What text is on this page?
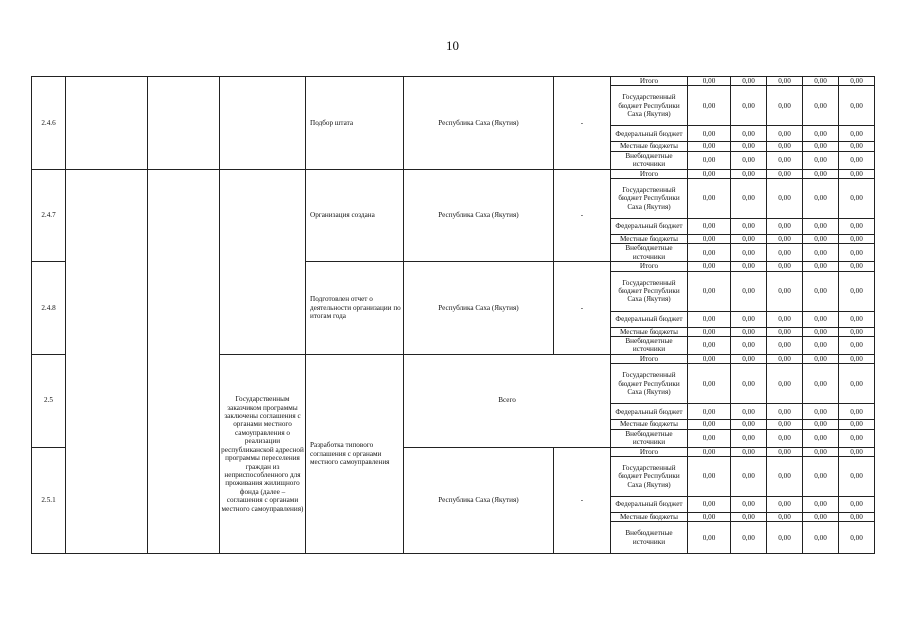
10
2.4.6				Подбор штата	Республика Саха (Якутия)	-	Итого	0,00	0,00	0,00	0,00	0,00
							Государственный бюджет Республики Саха (Якутия)	0,00	0,00	0,00	0,00	0,00
							Федеральный бюджет	0,00	0,00	0,00	0,00	0,00
							Местные бюджеты	0,00	0,00	0,00	0,00	0,00
							Внебюджетные источники	0,00	0,00	0,00	0,00	0,00
2.4.7				Организация создана	Республика Саха (Якутия)	-	Итого	0,00	0,00	0,00	0,00	0,00
							Государственный бюджет Республики Саха (Якутия)	0,00	0,00	0,00	0,00	0,00
							Федеральный бюджет	0,00	0,00	0,00	0,00	0,00
							Местные бюджеты	0,00	0,00	0,00	0,00	0,00
							Внебюджетные источники	0,00	0,00	0,00	0,00	0,00
2.4.8				Подготовлен отчет о деятельности организации по итогам года	Республика Саха (Якутия)	-	Итого	0,00	0,00	0,00	0,00	0,00
							Государственный бюджет Республики Саха (Якутия)	0,00	0,00	0,00	0,00	0,00
							Федеральный бюджет	0,00	0,00	0,00	0,00	0,00
							Местные бюджеты	0,00	0,00	0,00	0,00	0,00
							Внебюджетные источники	0,00	0,00	0,00	0,00	0,00
2.5			Государственным заказчиком программы заключены соглашения с органами местного самоуправления о реализации республиканской адресной программы переселения граждан из неприспособленного для проживания жилищного фонда (далее – соглашения с органами местного самоуправления)	Разработка типового соглашения с органами местного самоуправления	Всего		Итого	0,00	0,00	0,00	0,00	0,00
							Государственный бюджет Республики Саха (Якутия)	0,00	0,00	0,00	0,00	0,00
							Федеральный бюджет	0,00	0,00	0,00	0,00	0,00
							Местные бюджеты	0,00	0,00	0,00	0,00	0,00
							Внебюджетные источники	0,00	0,00	0,00	0,00	0,00
2.5.1					Республика Саха (Якутия)	-	Итого	0,00	0,00	0,00	0,00	0,00
							Государственный бюджет Республики Саха (Якутия)	0,00	0,00	0,00	0,00	0,00
							Федеральный бюджет	0,00	0,00	0,00	0,00	0,00
							Местные бюджеты	0,00	0,00	0,00	0,00	0,00
							Внебюджетные источники	0,00	0,00	0,00	0,00	0,00
